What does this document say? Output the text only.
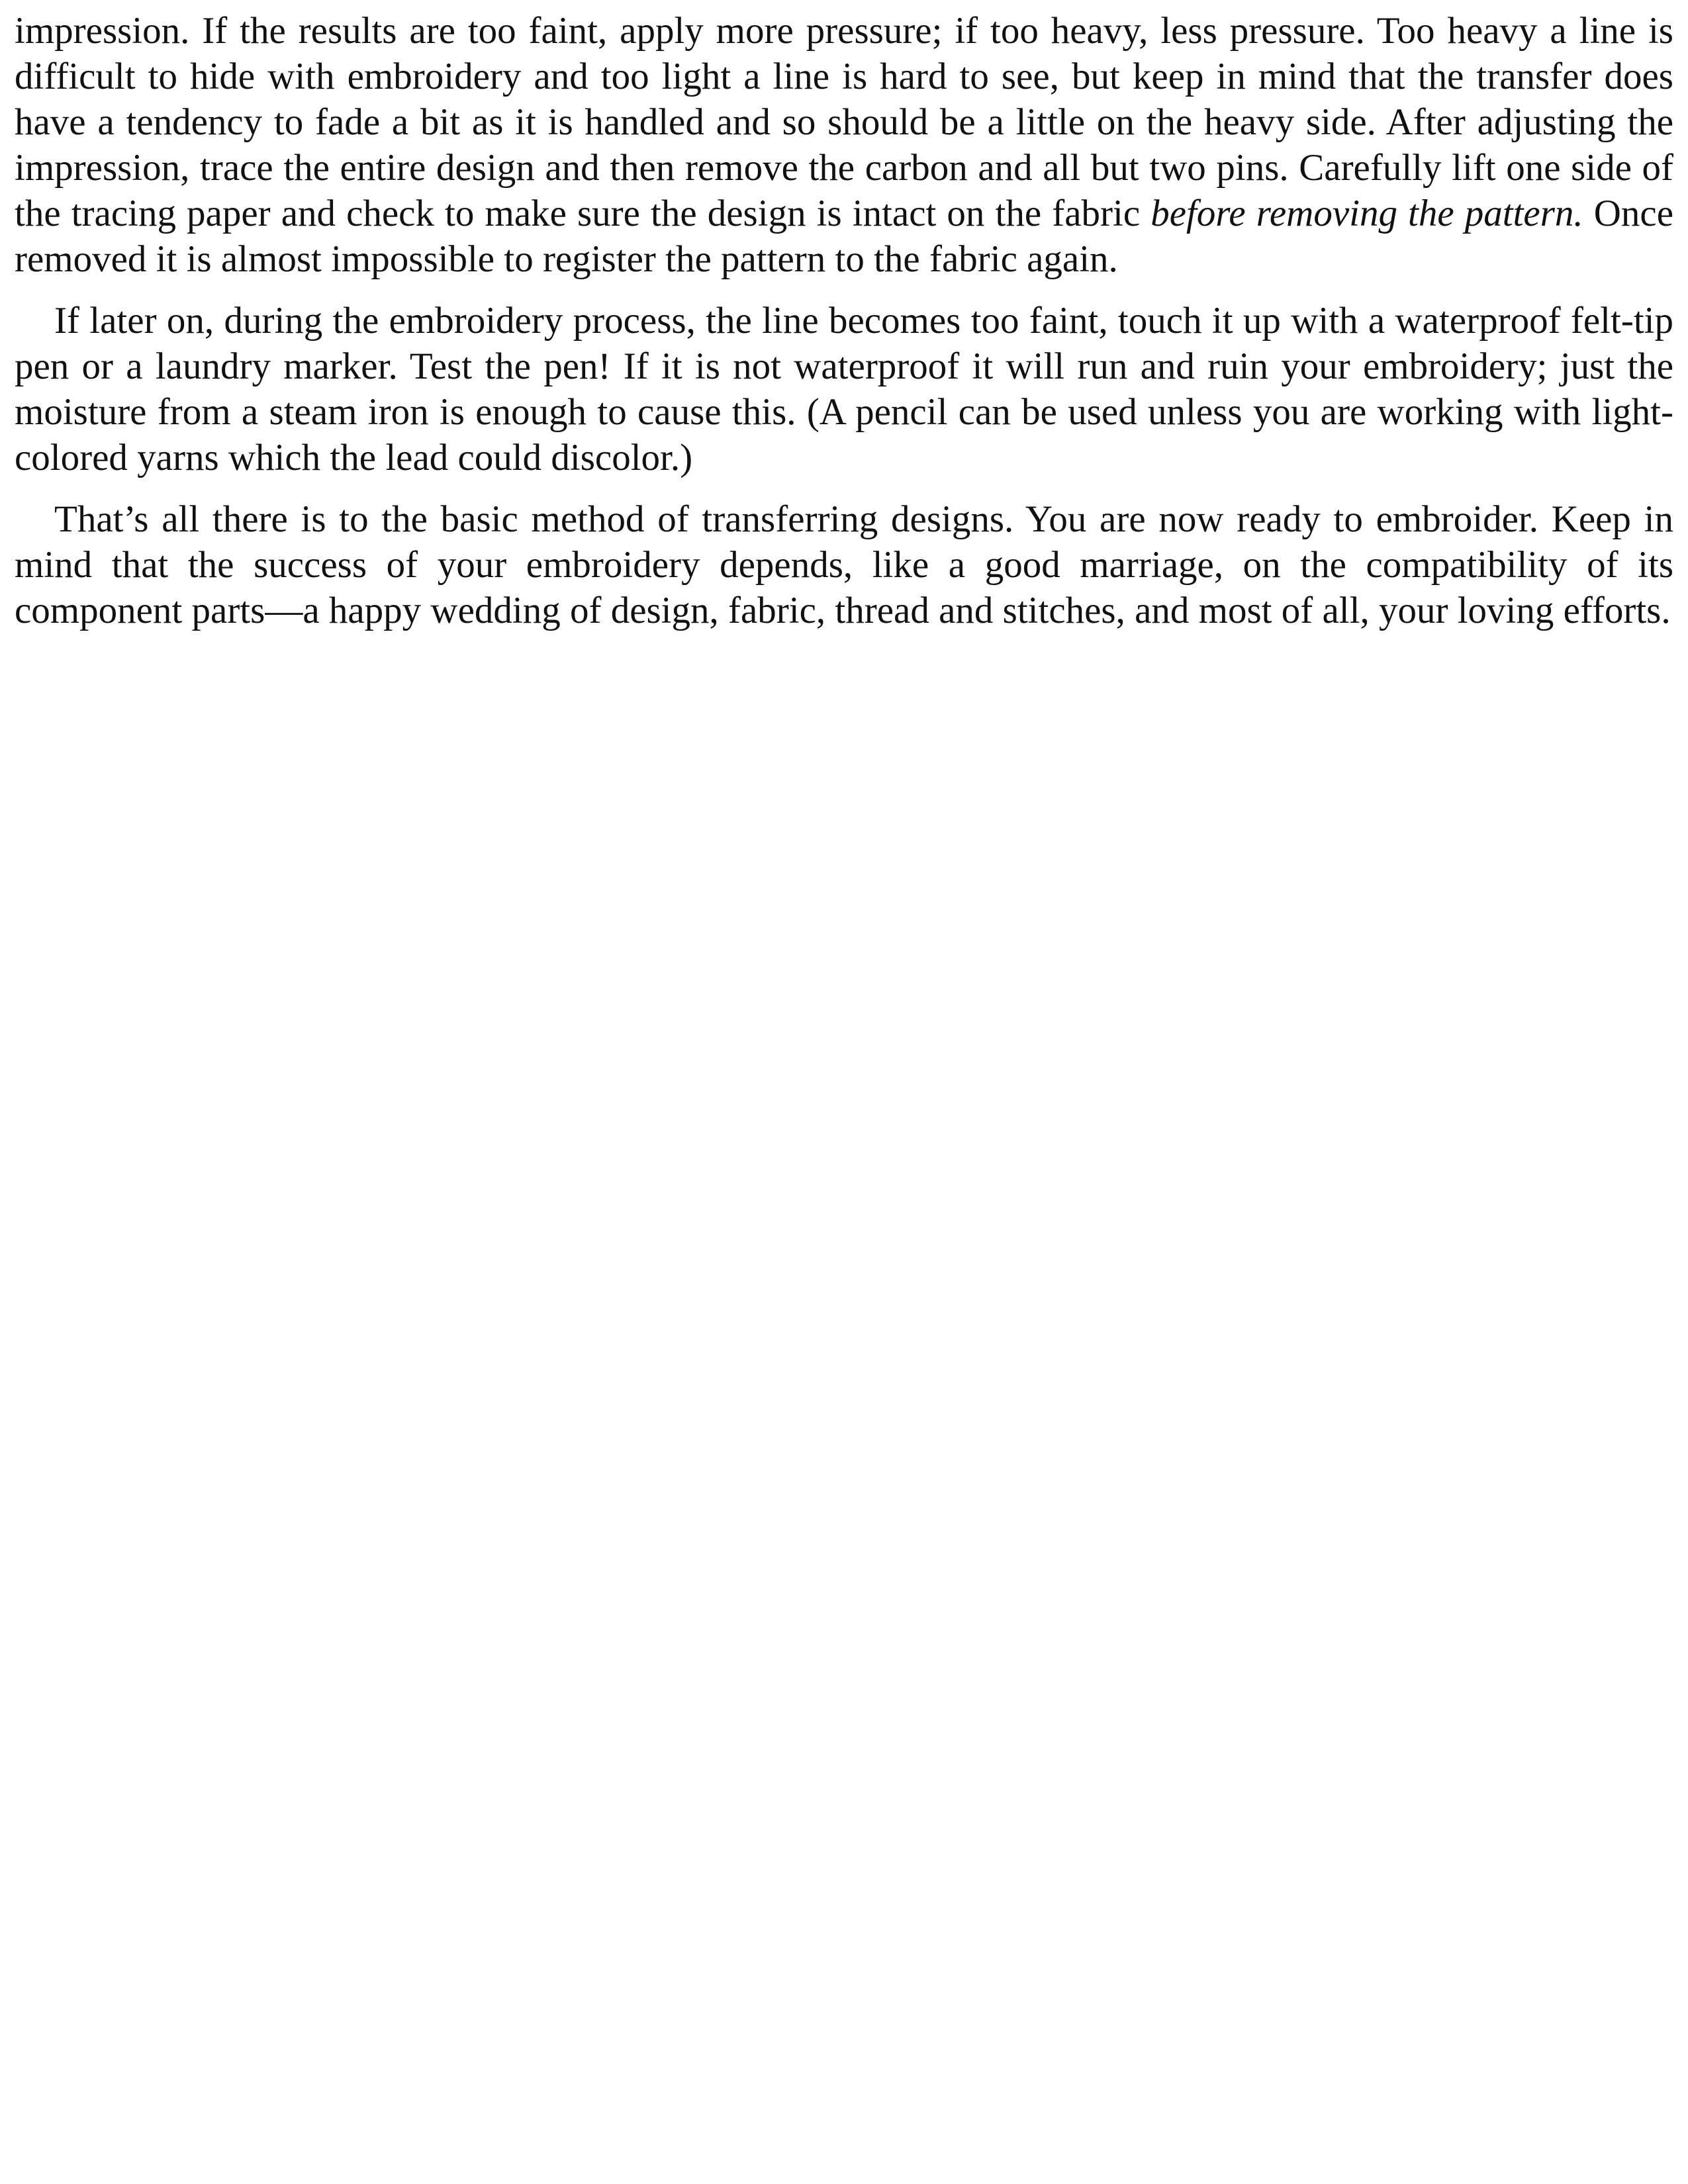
impression. If the results are too faint, apply more pressure; if too heavy, less pressure. Too heavy a line is difficult to hide with embroidery and too light a line is hard to see, but keep in mind that the transfer does have a tendency to fade a bit as it is handled and so should be a little on the heavy side. After adjusting the impression, trace the entire design and then remove the carbon and all but two pins. Carefully lift one side of the tracing paper and check to make sure the design is intact on the fabric before removing the pattern. Once removed it is almost impossible to register the pattern to the fabric again.

If later on, during the embroidery process, the line becomes too faint, touch it up with a waterproof felt-tip pen or a laundry marker. Test the pen! If it is not waterproof it will run and ruin your embroidery; just the moisture from a steam iron is enough to cause this. (A pencil can be used unless you are working with light-colored yarns which the lead could discolor.)

That’s all there is to the basic method of transferring designs. You are now ready to embroider. Keep in mind that the success of your embroidery depends, like a good marriage, on the compatibility of its component parts—a happy wedding of design, fabric, thread and stitches, and most of all, your loving efforts.
